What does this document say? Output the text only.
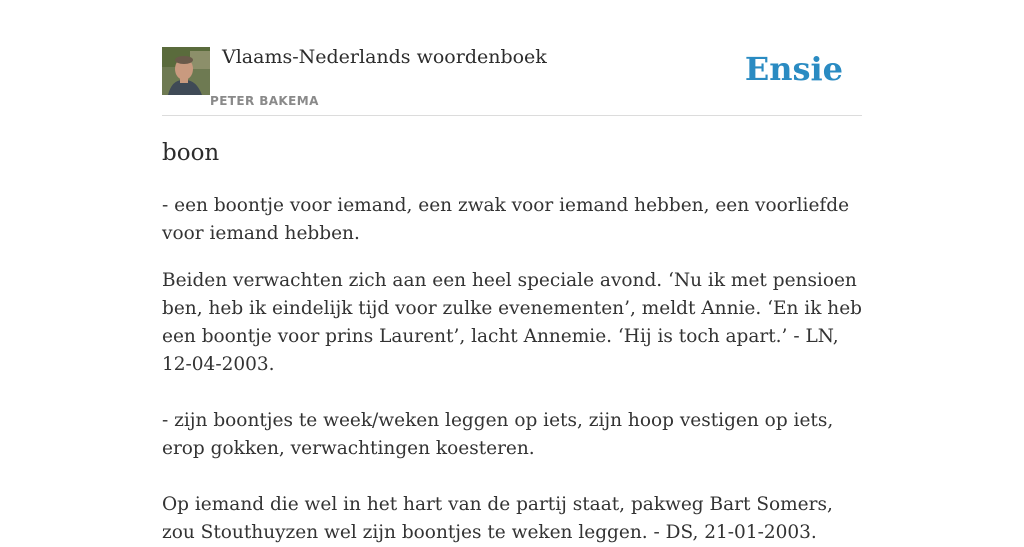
Vlaams-Nederlands woordenboek
PETER BAKEMA
Ensie
boon

- een boontje voor iemand, een zwak voor iemand hebben, een voorliefde voor iemand hebben.

Beiden verwachten zich aan een heel speciale avond. ‘Nu ik met pensioen ben, heb ik eindelijk tijd voor zulke evenementen’, meldt Annie. ‘En ik heb een boontje voor prins Laurent’, lacht Annemie. ‘Hij is toch apart.’ - LN, 12-04-2003.

- zijn boontjes te week/weken leggen op iets, zijn hoop vestigen op iets, erop gokken, verwachtingen koesteren.

Op iemand die wel in het hart van de partij staat, pakweg Bart Somers, zou Stouthuyzen wel zijn boontjes te weken leggen. - DS, 21-01-2003.
